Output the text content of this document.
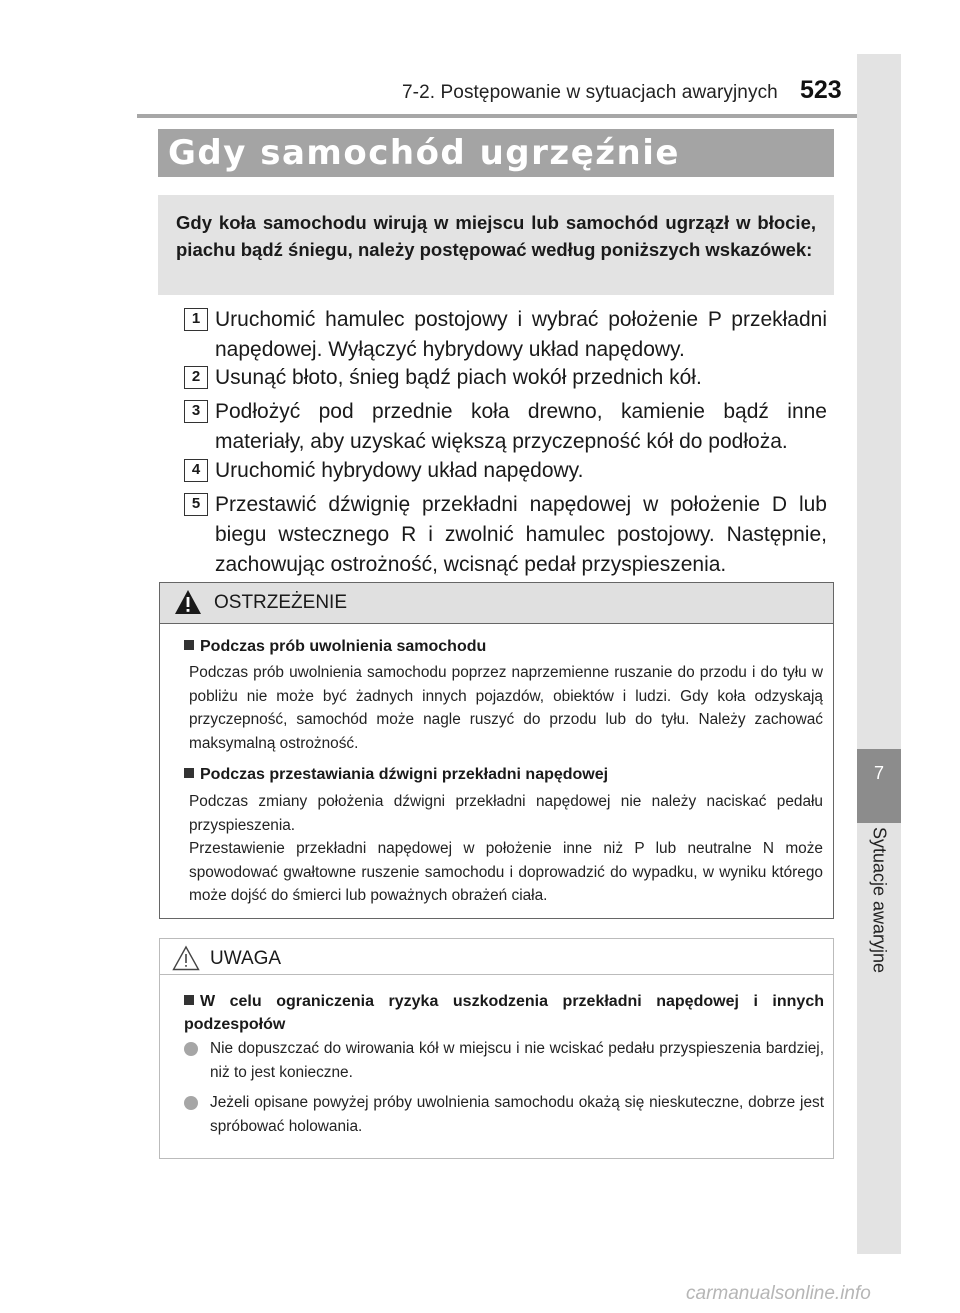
7-2. Postępowanie w sytuacjach awaryjnych 523
7
Sytuacje awaryjne
Gdy samochód ugrzęźnie
Gdy koła samochodu wirują w miejscu lub samochód ugrzązł w błocie, piachu bądź śniegu, należy postępować według poniższych wskazówek:
1 Uruchomić hamulec postojowy i wybrać położenie P przekładni napędowej. Wyłączyć hybrydowy układ napędowy.
2 Usunąć błoto, śnieg bądź piach wokół przednich kół.
3 Podłożyć pod przednie koła drewno, kamienie bądź inne materiały, aby uzyskać większą przyczepność kół do podłoża.
4 Uruchomić hybrydowy układ napędowy.
5 Przestawić dźwignię przekładni napędowej w położenie D lub biegu wstecznego R i zwolnić hamulec postojowy. Następnie, zachowując ostrożność, wcisnąć pedał przyspieszenia.
OSTRZEŻENIE
Podczas prób uwolnienia samochodu
Podczas prób uwolnienia samochodu poprzez naprzemienne ruszanie do przodu i do tyłu w pobliżu nie może być żadnych innych pojazdów, obiektów i ludzi. Gdy koła odzyskają przyczepność, samochód może nagle ruszyć do przodu lub do tyłu. Należy zachować maksymalną ostrożność.
Podczas przestawiania dźwigni przekładni napędowej
Podczas zmiany położenia dźwigni przekładni napędowej nie należy naciskać pedału przyspieszenia.
Przestawienie przekładni napędowej w położenie inne niż P lub neutralne N może spowodować gwałtowne ruszenie samochodu i doprowadzić do wypadku, w wyniku którego może dojść do śmierci lub poważnych obrażeń ciała.
UWAGA
W celu ograniczenia ryzyka uszkodzenia przekładni napędowej i innych podzespołów
Nie dopuszczać do wirowania kół w miejscu i nie wciskać pedału przyspieszenia bardziej, niż to jest konieczne.
Jeżeli opisane powyżej próby uwolnienia samochodu okażą się nieskuteczne, dobrze jest spróbować holowania.
carmanualsonline.info
